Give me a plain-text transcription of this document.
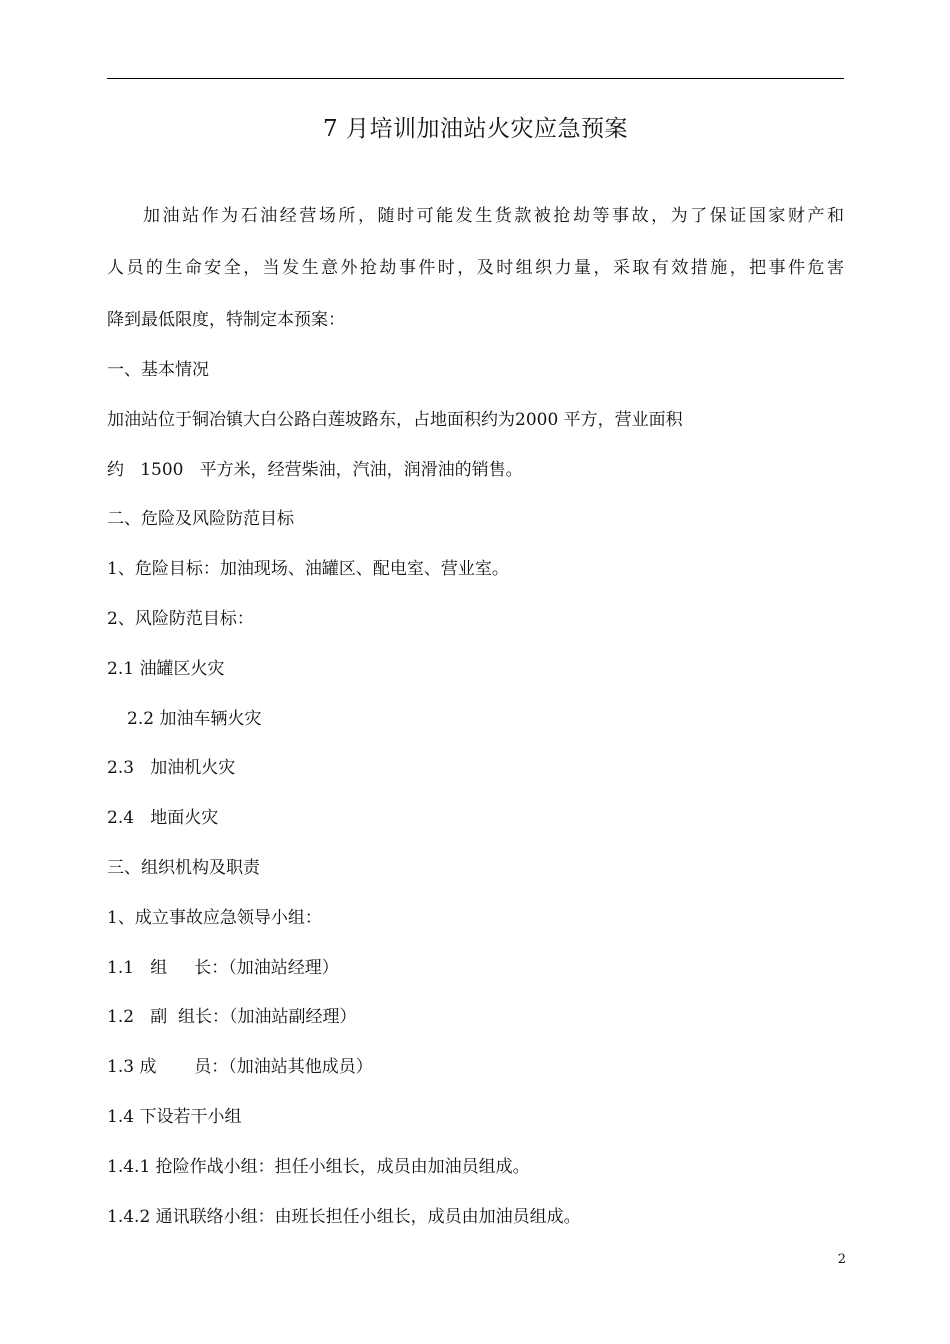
7 月培训加油站火灾应急预案
加油站作为石油经营场所，随时可能发生货款被抢劫等事故，为了保证国家财产和
人员的生命安全，当发生意外抢劫事件时，及时组织力量，采取有效措施，把事件危害
降到最低限度，特制定本预案：
一、基本情况
加油站位于铜冶镇大白公路白莲坡路东，占地面积约为2000 平方，营业面积
约   1500   平方米，经营柴油，汽油，润滑油的销售。
二、危险及风险防范目标
1、危险目标：加油现场、油罐区、配电室、营业室。
2、风险防范目标：
2.1 油罐区火灾
2.2 加油车辆火灾
2.3   加油机火灾
2.4   地面火灾
三、组织机构及职责
1、成立事故应急领导小组：
1.1   组     长：（加油站经理）
1.2   副  组长：（加油站副经理）
1.3 成       员：（加油站其他成员）
1.4 下设若干小组
1.4.1 抢险作战小组：担任小组长，成员由加油员组成。
1.4.2 通讯联络小组：由班长担任小组长，成员由加油员组成。
2
